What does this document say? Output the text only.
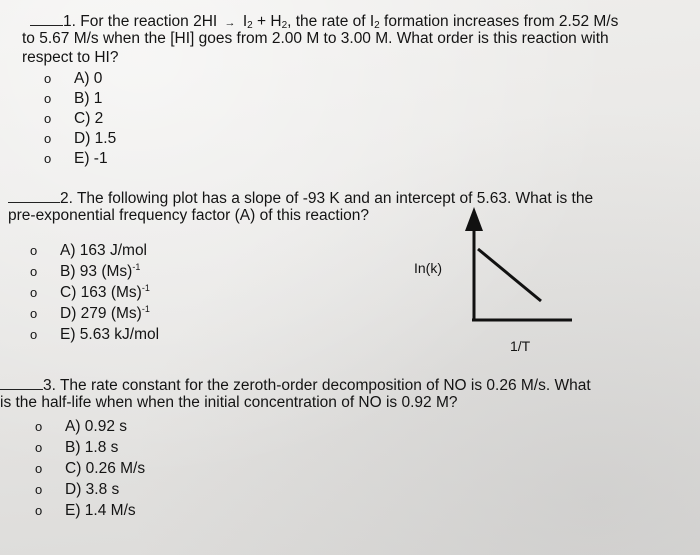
1. For the reaction $2HI \to I_2 + H_2$, the rate of $I_2$ formation increases from 2.52 M/s
to 5.67 M/s when the [HI] goes from 2.00 M to 3.00 M. What order is this reaction with
respect to HI?
o A) 0
o B) 1
o C) 2
o D) 1.5
o E) -1
2. The following plot has a slope of -93 K and an intercept of 5.63. What is the
pre-exponential frequency factor (A) of this reaction?
o A) 163 J/mol
o B) 93 $(Ms)^{-1}$
o C) 163 $(Ms)^{-1}$
o D) 279 $(Ms)^{-1}$
o E) 5.63 kJ/mol
In(k)
1/T
3. The rate constant for the zeroth-order decomposition of NO is 0.26 M/s. What
is the half-life when when the initial concentration of NO is 0.92 M?
o A) 0.92 s
o B) 1.8 s
o C) 0.26 M/s
o D) 3.8 s
o E) 1.4 M/s
